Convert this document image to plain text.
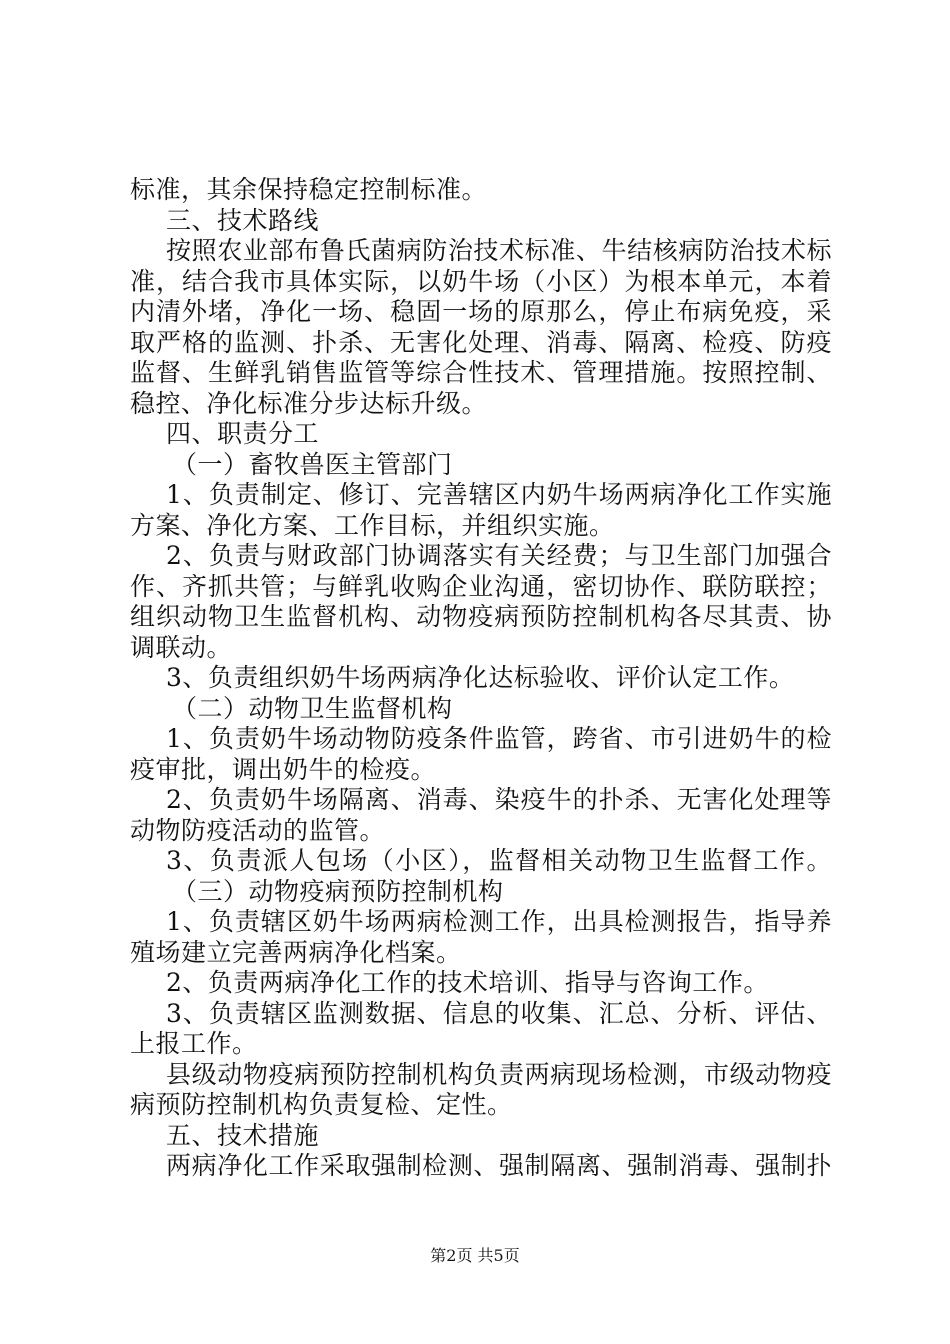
标准，其余保持稳定控制标准。
三、技术路线
按照农业部布鲁氏菌病防治技术标准、牛结核病防治技术标
准，结合我市具体实际，以奶牛场（小区）为根本单元，本着
内清外堵，净化一场、稳固一场的原那么，停止布病免疫，采
取严格的监测、扑杀、无害化处理、消毒、隔离、检疫、防疫
监督、生鲜乳销售监管等综合性技术、管理措施。按照控制、
稳控、净化标准分步达标升级。
四、职责分工
（一）畜牧兽医主管部门
1、负责制定、修订、完善辖区内奶牛场两病净化工作实施
方案、净化方案、工作目标，并组织实施。
2、负责与财政部门协调落实有关经费；与卫生部门加强合
作、齐抓共管；与鲜乳收购企业沟通，密切协作、联防联控；
组织动物卫生监督机构、动物疫病预防控制机构各尽其责、协
调联动。
3、负责组织奶牛场两病净化达标验收、评价认定工作。
（二）动物卫生监督机构
1、负责奶牛场动物防疫条件监管，跨省、市引进奶牛的检
疫审批，调出奶牛的检疫。
2、负责奶牛场隔离、消毒、染疫牛的扑杀、无害化处理等
动物防疫活动的监管。
3、负责派人包场（小区），监督相关动物卫生监督工作。
（三）动物疫病预防控制机构
1、负责辖区奶牛场两病检测工作，出具检测报告，指导养
殖场建立完善两病净化档案。
2、负责两病净化工作的技术培训、指导与咨询工作。
3、负责辖区监测数据、信息的收集、汇总、分析、评估、
上报工作。
县级动物疫病预防控制机构负责两病现场检测，市级动物疫
病预防控制机构负责复检、定性。
五、技术措施
两病净化工作采取强制检测、强制隔离、强制消毒、强制扑
第2页 共5页
